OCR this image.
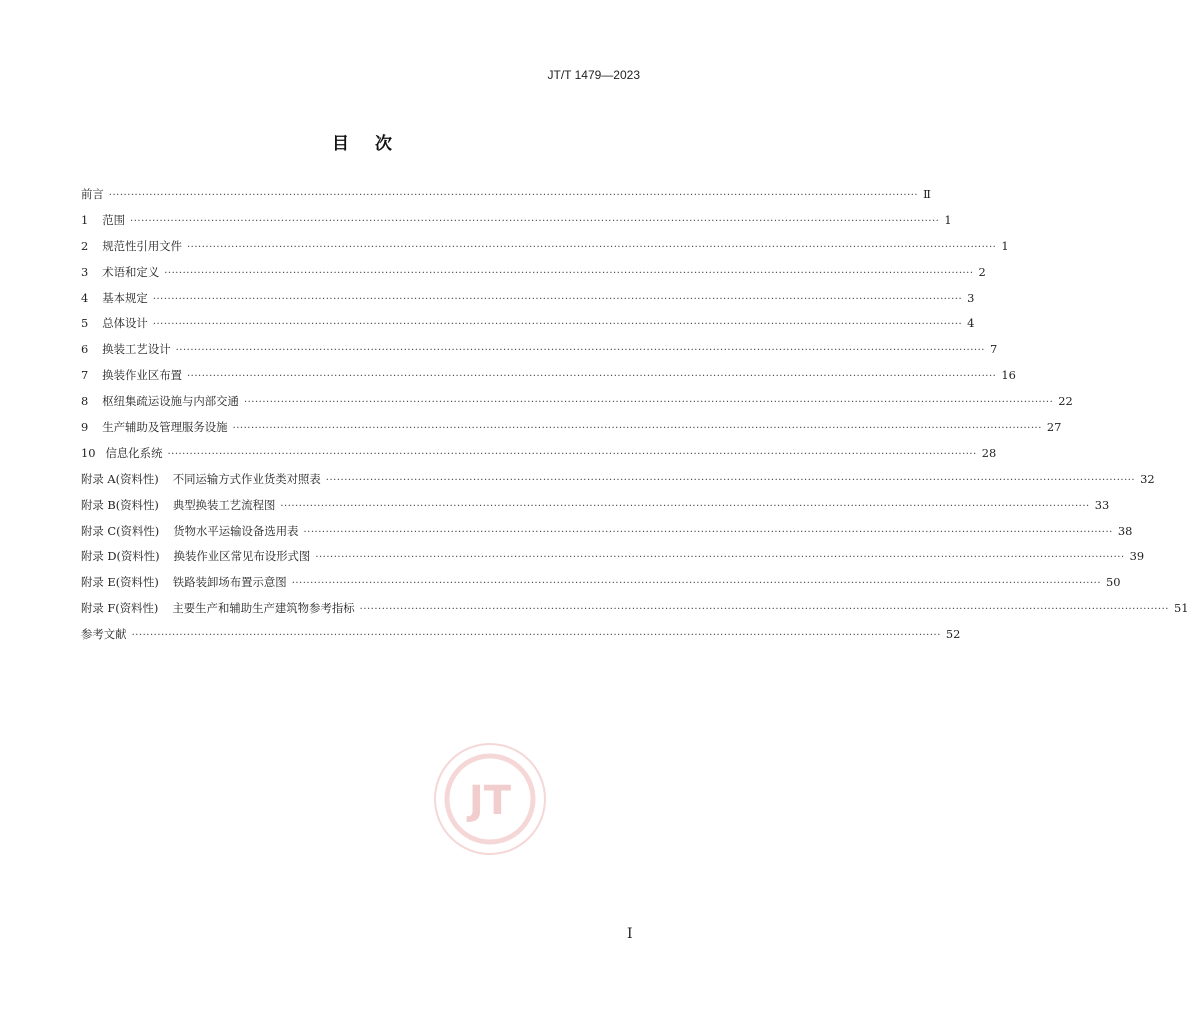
JT/T 1479—2023
目次
前言 ···························································································································································································································· Ⅱ
1 范围 ···························································································································································································································· 1
2 规范性引用文件 ···························································································································································································································· 1
3 术语和定义 ···························································································································································································································· 2
4 基本规定 ···························································································································································································································· 3
5 总体设计 ···························································································································································································································· 4
6 换装工艺设计 ···························································································································································································································· 7
7 换装作业区布置 ···························································································································································································································· 16
8 枢纽集疏运设施与内部交通 ···························································································································································································································· 22
9 生产辅助及管理服务设施 ···························································································································································································································· 27
10 信息化系统 ···························································································································································································································· 28
附录 A(资料性) 不同运输方式作业货类对照表 ···························································································································································································································· 32
附录 B(资料性) 典型换装工艺流程图 ···························································································································································································································· 33
附录 C(资料性) 货物水平运输设备选用表 ···························································································································································································································· 38
附录 D(资料性) 换装作业区常见布设形式图 ···························································································································································································································· 39
附录 E(资料性) 铁路装卸场布置示意图 ···························································································································································································································· 50
附录 F(资料性) 主要生产和辅助生产建筑物参考指标 ···························································································································································································································· 51
参考文献 ···························································································································································································································· 52
JT
I
